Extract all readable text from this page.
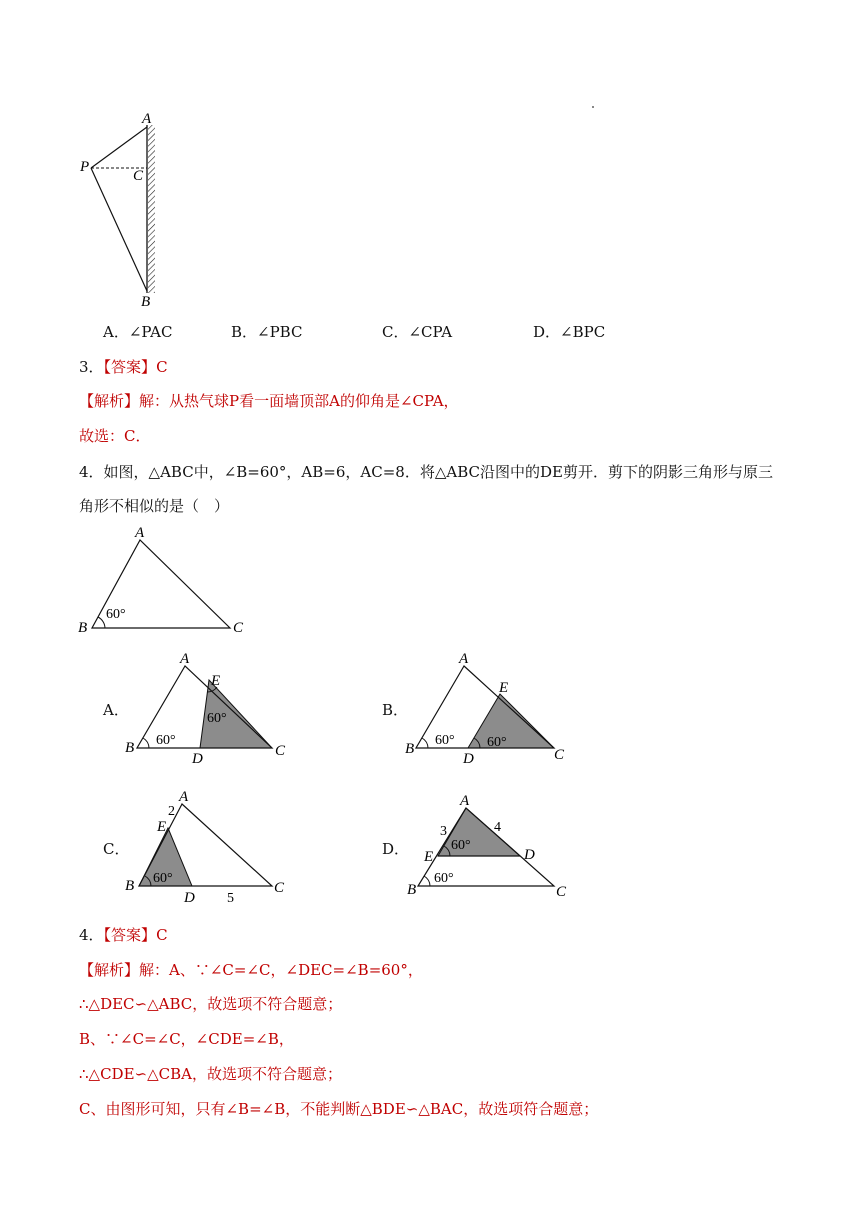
A
P
C
B
A．∠PAC	B．∠PBC	C．∠CPA	D．∠BPC
3．【答案】C
【解析】解：从热气球P看一面墙顶部A的仰角是∠CPA，
故选：C．
4．如图，△ABC中，∠B=60°，AB=6，AC=8．将△ABC沿图中的DE剪开．剪下的阴影三角形与原三
角形不相似的是（　）
A
B	C
60°
A．
A
E
B
D	C
60°
60°	B．
A
E
B
D	C
60° 60°
C．
A
2
E
B
D 5
C
60°
D．
A
3	4
E	D
B	C
60°
60°
4．【答案】C
【解析】解：A、∵∠C=∠C，∠DEC=∠B=60°，
∴△DEC∽△ABC，故选项不符合题意；
B、∵∠C=∠C，∠CDE=∠B，
∴△CDE∽△CBA，故选项不符合题意；
C、由图形可知，只有∠B=∠B，不能判断△BDE∽△BAC，故选项符合题意；
